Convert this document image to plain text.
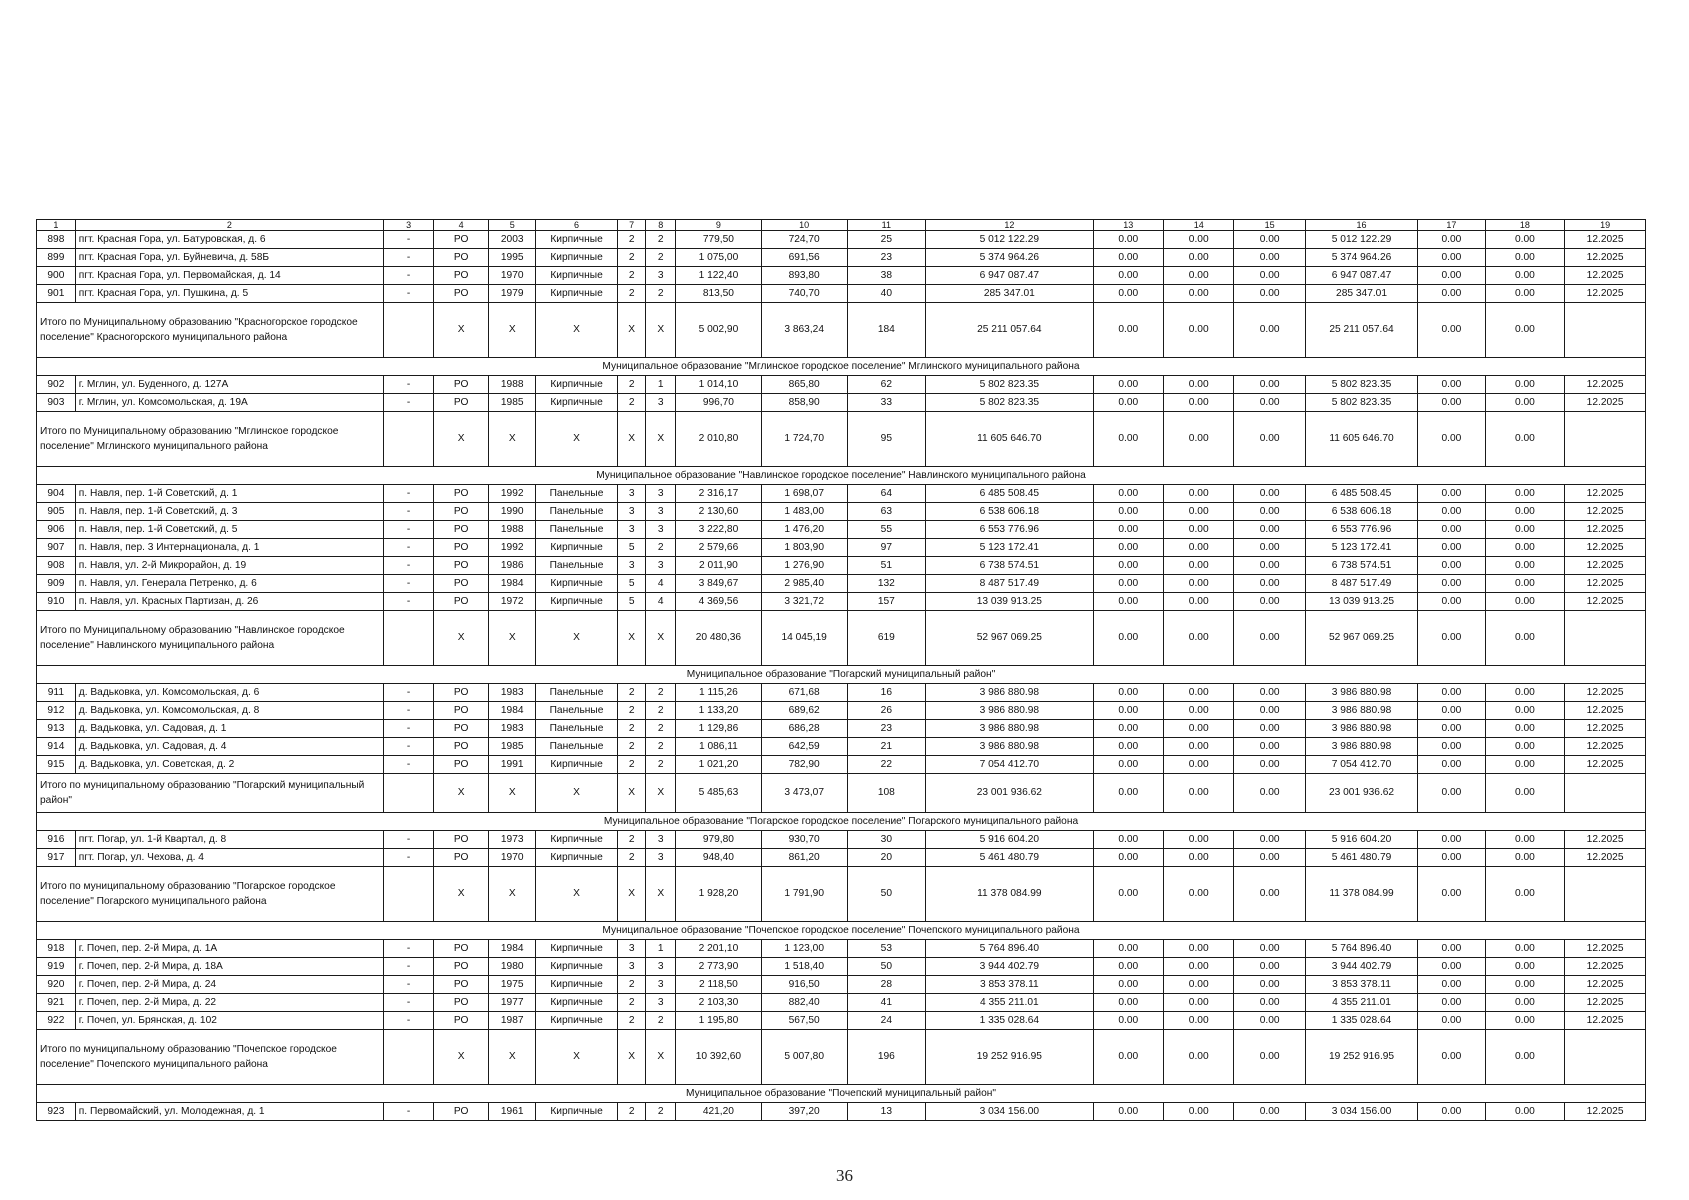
1	2	3	4	5	6	7	8	9	10	11	12	13	14	15	16	17	18	19
898	пгт. Красная Гора, ул. Батуровская, д. 6	-	РО	2003	Кирпичные	2	2	779,50	724,70	25	5 012 122.29	0.00	0.00	0.00	5 012 122.29	0.00	0.00	12.2025
899	пгт. Красная Гора, ул. Буйневича, д. 58Б	-	РО	1995	Кирпичные	2	2	1 075,00	691,56	23	5 374 964.26	0.00	0.00	0.00	5 374 964.26	0.00	0.00	12.2025
900	пгт. Красная Гора, ул. Первомайская, д. 14	-	РО	1970	Кирпичные	2	3	1 122,40	893,80	38	6 947 087.47	0.00	0.00	0.00	6 947 087.47	0.00	0.00	12.2025
901	пгт. Красная Гора, ул. Пушкина, д. 5	-	РО	1979	Кирпичные	2	2	813,50	740,70	40	285 347.01	0.00	0.00	0.00	285 347.01	0.00	0.00	12.2025
Итого по Муниципальному образованию "Красногорское городское поселение" Красногорского муниципального района			X	X	X	X	X	5 002,90	3 863,24	184	25 211 057.64	0.00	0.00	0.00	25 211 057.64	0.00	0.00	
Муниципальное образование "Мглинское городское поселение" Мглинского муниципального района																		
902	г. Мглин, ул. Буденного, д. 127А	-	РО	1988	Кирпичные	2	1	1 014,10	865,80	62	5 802 823.35	0.00	0.00	0.00	5 802 823.35	0.00	0.00	12.2025
903	г. Мглин, ул. Комсомольская, д. 19А	-	РО	1985	Кирпичные	2	3	996,70	858,90	33	5 802 823.35	0.00	0.00	0.00	5 802 823.35	0.00	0.00	12.2025
Итого по Муниципальному образованию "Мглинское городское поселение" Мглинского муниципального района			X	X	X	X	X	2 010,80	1 724,70	95	11 605 646.70	0.00	0.00	0.00	11 605 646.70	0.00	0.00	
Муниципальное образование "Навлинское городское поселение" Навлинского муниципального района																		
904	п. Навля, пер. 1-й Советский, д. 1	-	РО	1992	Панельные	3	3	2 316,17	1 698,07	64	6 485 508.45	0.00	0.00	0.00	6 485 508.45	0.00	0.00	12.2025
905	п. Навля, пер. 1-й Советский, д. 3	-	РО	1990	Панельные	3	3	2 130,60	1 483,00	63	6 538 606.18	0.00	0.00	0.00	6 538 606.18	0.00	0.00	12.2025
906	п. Навля, пер. 1-й Советский, д. 5	-	РО	1988	Панельные	3	3	3 222,80	1 476,20	55	6 553 776.96	0.00	0.00	0.00	6 553 776.96	0.00	0.00	12.2025
907	п. Навля, пер. 3 Интернационала, д. 1	-	РО	1992	Кирпичные	5	2	2 579,66	1 803,90	97	5 123 172.41	0.00	0.00	0.00	5 123 172.41	0.00	0.00	12.2025
908	п. Навля, ул. 2-й Микрорайон, д. 19	-	РО	1986	Панельные	3	3	2 011,90	1 276,90	51	6 738 574.51	0.00	0.00	0.00	6 738 574.51	0.00	0.00	12.2025
909	п. Навля, ул. Генерала Петренко, д. 6	-	РО	1984	Кирпичные	5	4	3 849,67	2 985,40	132	8 487 517.49	0.00	0.00	0.00	8 487 517.49	0.00	0.00	12.2025
910	п. Навля, ул. Красных Партизан, д. 26	-	РО	1972	Кирпичные	5	4	4 369,56	3 321,72	157	13 039 913.25	0.00	0.00	0.00	13 039 913.25	0.00	0.00	12.2025
Итого по Муниципальному образованию "Навлинское городское поселение" Навлинского муниципального района			X	X	X	X	X	20 480,36	14 045,19	619	52 967 069.25	0.00	0.00	0.00	52 967 069.25	0.00	0.00	
Муниципальное образование "Погарский муниципальный район"																		
911	д. Вадьковка, ул. Комсомольская, д. 6	-	РО	1983	Панельные	2	2	1 115,26	671,68	16	3 986 880.98	0.00	0.00	0.00	3 986 880.98	0.00	0.00	12.2025
912	д. Вадьковка, ул. Комсомольская, д. 8	-	РО	1984	Панельные	2	2	1 133,20	689,62	26	3 986 880.98	0.00	0.00	0.00	3 986 880.98	0.00	0.00	12.2025
913	д. Вадьковка, ул. Садовая, д. 1	-	РО	1983	Панельные	2	2	1 129,86	686,28	23	3 986 880.98	0.00	0.00	0.00	3 986 880.98	0.00	0.00	12.2025
914	д. Вадьковка, ул. Садовая, д. 4	-	РО	1985	Панельные	2	2	1 086,11	642,59	21	3 986 880.98	0.00	0.00	0.00	3 986 880.98	0.00	0.00	12.2025
915	д. Вадьковка, ул. Советская, д. 2	-	РО	1991	Кирпичные	2	2	1 021,20	782,90	22	7 054 412.70	0.00	0.00	0.00	7 054 412.70	0.00	0.00	12.2025
Итого по муниципальному образованию "Погарский муниципальный район"			X	X	X	X	X	5 485,63	3 473,07	108	23 001 936.62	0.00	0.00	0.00	23 001 936.62	0.00	0.00	
Муниципальное образование "Погарское городское поселение" Погарского муниципального района																		
916	пгт. Погар, ул. 1-й Квартал, д. 8	-	РО	1973	Кирпичные	2	3	979,80	930,70	30	5 916 604.20	0.00	0.00	0.00	5 916 604.20	0.00	0.00	12.2025
917	пгт. Погар, ул. Чехова, д. 4	-	РО	1970	Кирпичные	2	3	948,40	861,20	20	5 461 480.79	0.00	0.00	0.00	5 461 480.79	0.00	0.00	12.2025
Итого по муниципальному образованию "Погарское городское поселение" Погарского муниципального района			X	X	X	X	X	1 928,20	1 791,90	50	11 378 084.99	0.00	0.00	0.00	11 378 084.99	0.00	0.00	
Муниципальное образование "Почепское городское поселение" Почепского муниципального района																		
918	г. Почеп, пер. 2-й Мира, д. 1А	-	РО	1984	Кирпичные	3	1	2 201,10	1 123,00	53	5 764 896.40	0.00	0.00	0.00	5 764 896.40	0.00	0.00	12.2025
919	г. Почеп, пер. 2-й Мира, д. 18А	-	РО	1980	Кирпичные	3	3	2 773,90	1 518,40	50	3 944 402.79	0.00	0.00	0.00	3 944 402.79	0.00	0.00	12.2025
920	г. Почеп, пер. 2-й Мира, д. 24	-	РО	1975	Кирпичные	2	3	2 118,50	916,50	28	3 853 378.11	0.00	0.00	0.00	3 853 378.11	0.00	0.00	12.2025
921	г. Почеп, пер. 2-й Мира, д. 22	-	РО	1977	Кирпичные	2	3	2 103,30	882,40	41	4 355 211.01	0.00	0.00	0.00	4 355 211.01	0.00	0.00	12.2025
922	г. Почеп, ул. Брянская, д. 102	-	РО	1987	Кирпичные	2	2	1 195,80	567,50	24	1 335 028.64	0.00	0.00	0.00	1 335 028.64	0.00	0.00	12.2025
Итого по муниципальному образованию "Почепское городское поселение" Почепского муниципального района			X	X	X	X	X	10 392,60	5 007,80	196	19 252 916.95	0.00	0.00	0.00	19 252 916.95	0.00	0.00	
Муниципальное образование "Почепский муниципальный район"																		
923	п. Первомайский, ул. Молодежная, д. 1	-	РО	1961	Кирпичные	2	2	421,20	397,20	13	3 034 156.00	0.00	0.00	0.00	3 034 156.00	0.00	0.00	12.2025
36
